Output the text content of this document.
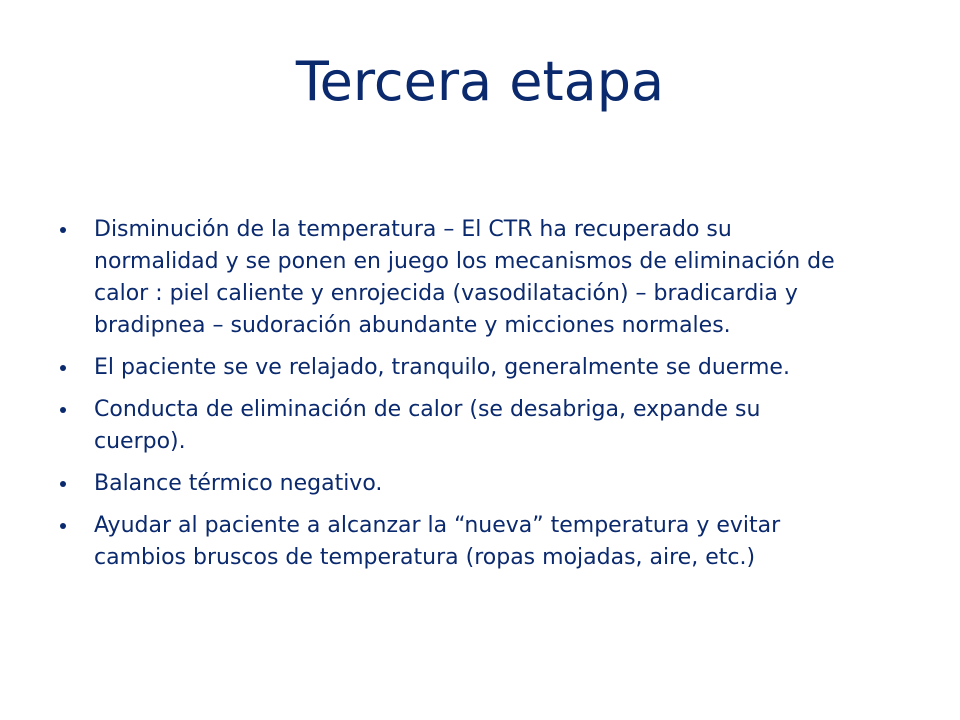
Tercera etapa
Disminución de la temperatura – El CTR ha recuperado su normalidad y se ponen en juego los mecanismos de eliminación de calor : piel caliente y enrojecida (vasodilatación) – bradicardia y bradipnea – sudoración abundante y micciones normales.
El paciente se ve relajado, tranquilo, generalmente se duerme.
Conducta de eliminación de calor (se desabriga, expande su cuerpo).
Balance térmico negativo.
Ayudar al paciente a alcanzar la “nueva” temperatura y evitar cambios bruscos de temperatura (ropas mojadas, aire, etc.)
